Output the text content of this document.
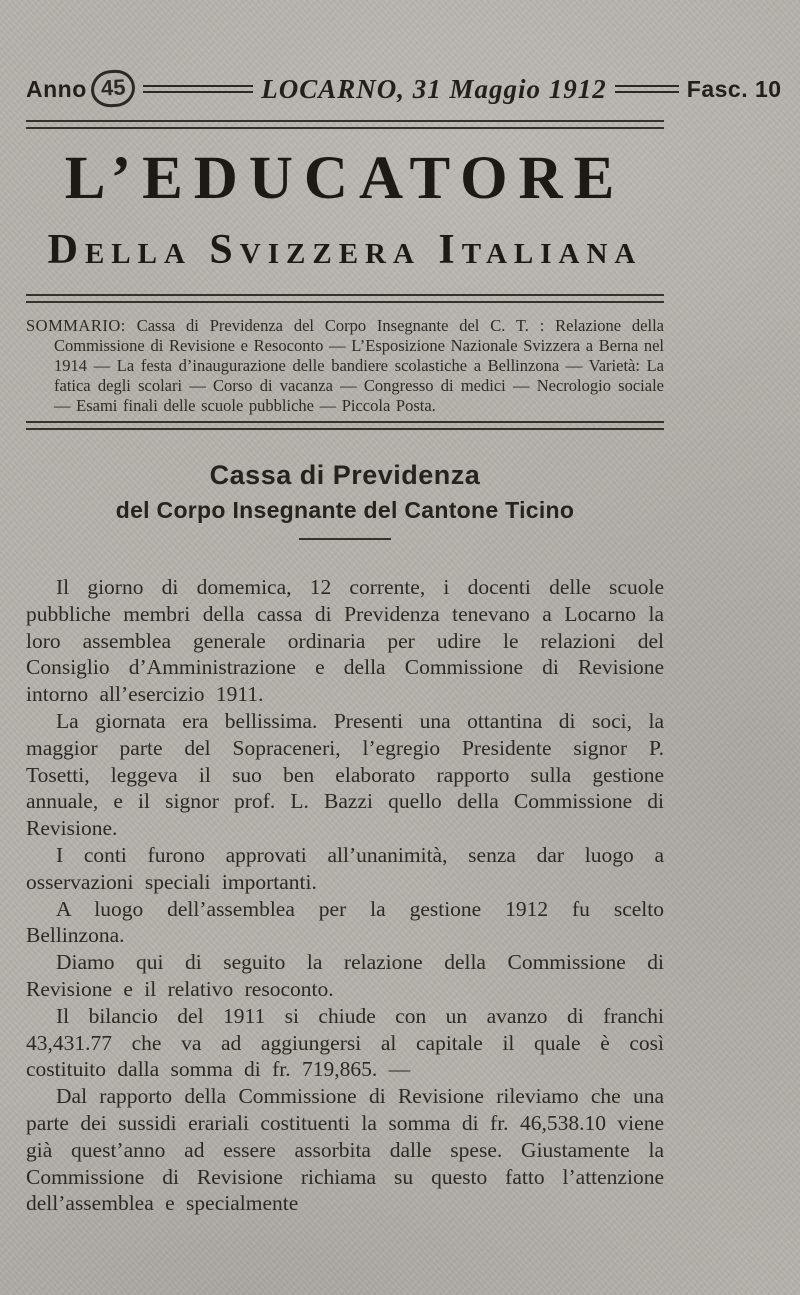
Anno 45	LOCARNO, 31 Maggio 1912	Fasc. 10
L’EDUCATORE
Della Svizzera Italiana

SOMMARIO: Cassa di Previdenza del Corpo Insegnante del C. T. : Relazione della Commissione di Revisione e Resoconto — L’Esposizione Nazionale Svizzera a Berna nel 1914 — La festa d’inaugurazione delle bandiere scolastiche a Bellinzona — Varietà: La fatica degli scolari — Corso di vacanza — Congresso di medici — Necrologio sociale — Esami finali delle scuole pubbliche — Piccola Posta.

Cassa di Previdenza
del Corpo Insegnante del Cantone Ticino

Il giorno di domemica, 12 corrente, i docenti delle scuole pubbliche membri della cassa di Previdenza tenevano a Locarno la loro assemblea generale ordinaria per udire le relazioni del Consiglio d’Amministrazione e della Commissione di Revisione intorno all’esercizio 1911.

La giornata era bellissima. Presenti una ottantina di soci, la maggior parte del Sopraceneri, l’egregio Presidente signor P. Tosetti, leggeva il suo ben elaborato rapporto sulla gestione annuale, e il signor prof. L. Bazzi quello della Commissione di Revisione.

I conti furono approvati all’unanimità, senza dar luogo a osservazioni speciali importanti.

A luogo dell’assemblea per la gestione 1912 fu scelto Bellinzona.

Diamo qui di seguito la relazione della Commissione di Revisione e il relativo resoconto.

Il bilancio del 1911 si chiude con un avanzo di franchi 43,431.77 che va ad aggiungersi al capitale il quale è così costituito dalla somma di fr. 719,865. —

Dal rapporto della Commissione di Revisione rileviamo che una parte dei sussidi erariali costituenti la somma di fr. 46,538.10 viene già quest’anno ad essere assorbita dalle spese. Giustamente la Commissione di Revisione richiama su questo fatto l’attenzione dell’assemblea e specialmente
